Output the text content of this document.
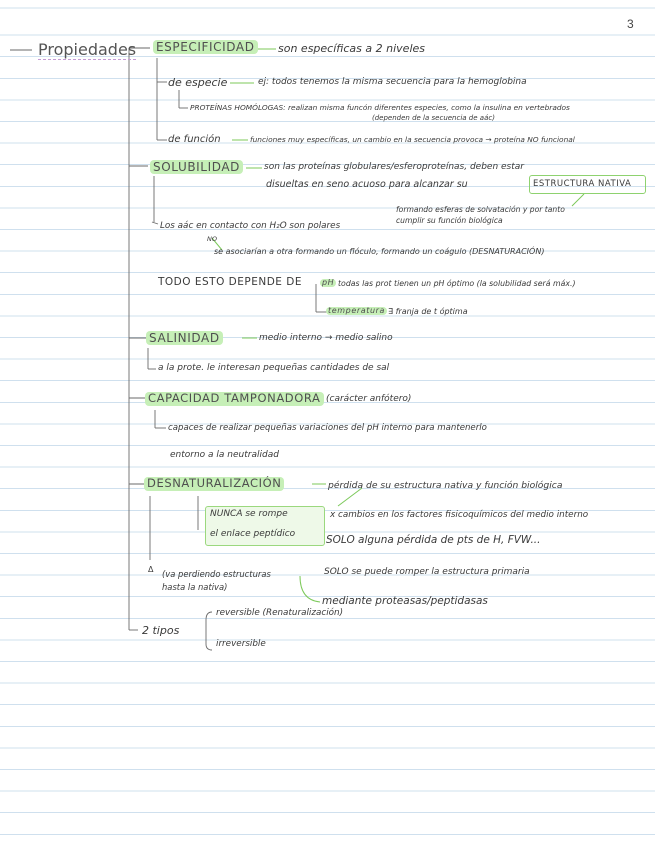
3
Propiedades ESPECIFICIDAD son específicas a 2 niveles
de especie	ej: todos tenemos la misma secuencia para la hemoglobina
PROTEÍNAS HOMÓLOGAS: realizan misma funcón diferentes especies, como la insulina en vertebrados
(dependen de la secuencia de aác)
de función	funciones muy específicas, un cambio en la secuencia provoca → proteína NO funcional
SOLUBILIDAD	son las proteínas globulares/esferoproteínas, deben estar
disueltas en seno acuoso para alcanzar su	ESTRUCTURA NATIVA
formando esferas de solvatación y por tanto
cumplir su función biológica
Los aác en contacto con H₂O son polares
NO
se asociarían a otra formando un flóculo, formando un coágulo (DESNATURACIÓN)
TODO ESTO DEPENDE DE	pH todas las prot tienen un pH óptimo (la solubilidad será máx.)
temperatura ∃ franja de t óptima
SALINIDAD	medio interno → medio salino
a la prote. le interesan pequeñas cantidades de sal
CAPACIDAD TAMPONADORA (carácter anfótero)
capaces de realizar pequeñas variaciones del pH interno para mantenerlo
entorno a la neutralidad
DESNATURALIZACIÓN	pérdida de su estructura nativa y función biológica
NUNCA se rompe
el enlace peptídico
x cambios en los factores fisicoquímicos del medio interno
SOLO alguna pérdida de pts de H, FVW...
(va perdiendo estructuras
hasta la nativa)
Δ	SOLO se puede romper la estructura primaria
mediante proteasas/peptidasas
2 tipos
reversible (Renaturalización)
irreversible
